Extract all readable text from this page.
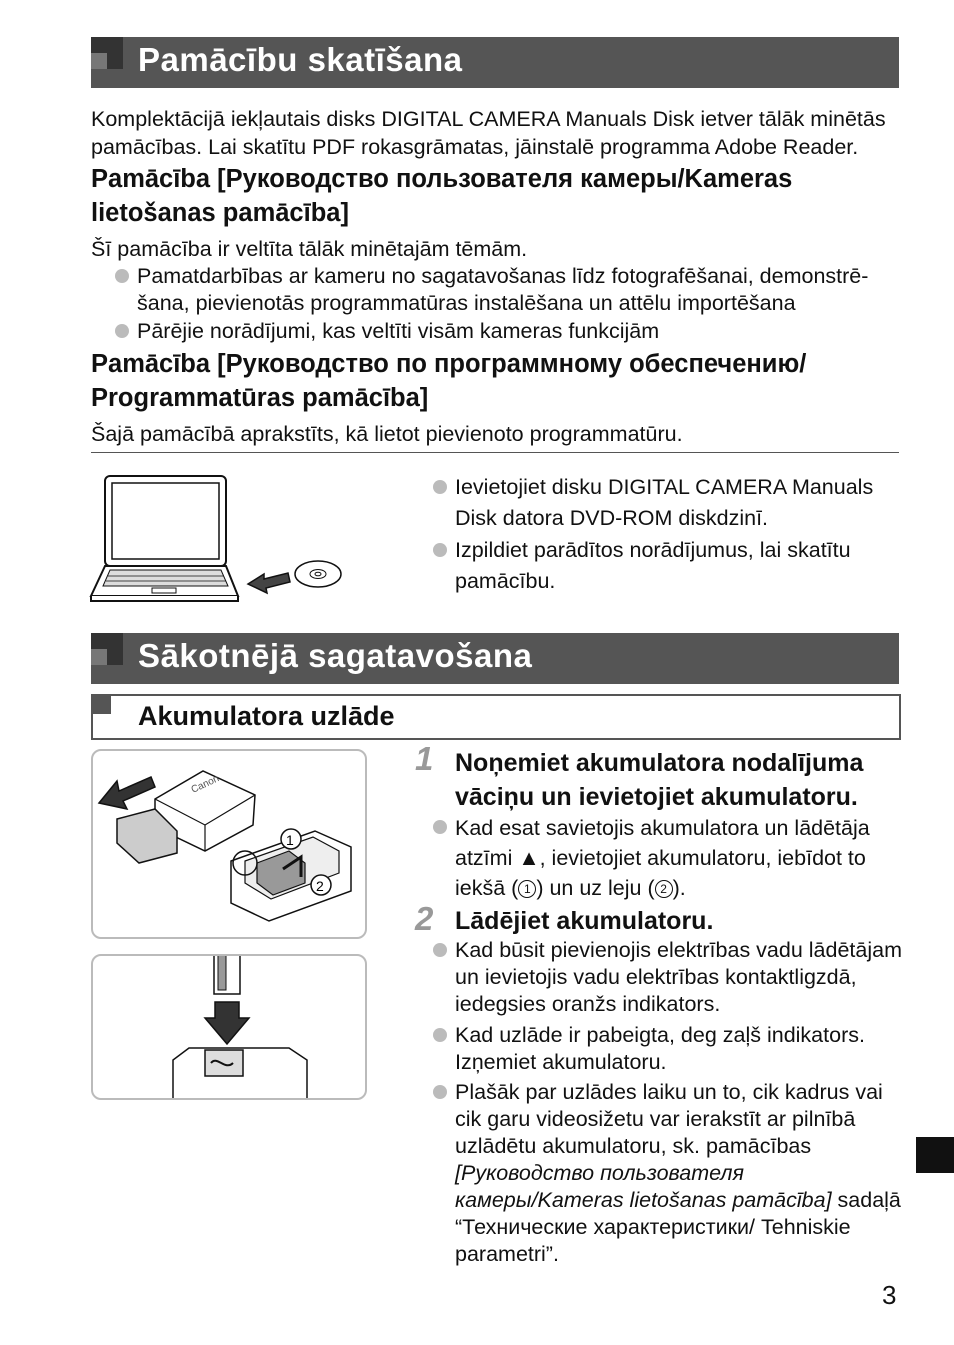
Pamācību skatīšana
Komplektācijā iekļautais disks DIGITAL CAMERA Manuals Disk ietver tālāk minētās pamācības. Lai skatītu PDF rokasgrāmatas, jāinstalē programma Adobe Reader.
Pamācība [Руководство пользователя камеры/Kameras lietošanas pamācība]
Šī pamācība ir veltīta tālāk minētajām tēmām.
Pamatdarbības ar kameru no sagatavošanas līdz fotografēšanai, demonstrē-šana, pievienotās programmatūras instalēšana un attēlu importēšana
Pārējie norādījumi, kas veltīti visām kameras funkcijām
Pamācība [Руководство по программному обеспечению/ Programmatūras pamācība]
Šajā pamācībā aprakstīts, kā lietot pievienoto programmatūru.
Ievietojiet disku DIGITAL CAMERA Manuals Disk datora DVD-ROM diskdzinī.
Izpildiet parādītos norādījumus, lai skatītu pamācību.
Sākotnējā sagatavošana
Akumulatora uzlāde
Canon
1
2
1 Noņemiet akumulatora nodalījuma vāciņu un ievietojiet akumulatoru.
Kad esat savietojis akumulatora un lādētāja atzīmi ▲, ievietojiet akumulatoru, iebīdot to iekšā ( 1 ) un uz leju ( 2 ).
2 Lādējiet akumulatoru.
Kad būsit pievienojis elektrības vadu lādētājam un ievietojis vadu elektrības kontaktligzdā, iedegsies oranžs indikators.
Kad uzlāde ir pabeigta, deg zaļš indikators. Izņemiet akumulatoru.
Plašāk par uzlādes laiku un to, cik kadrus vai cik garu videosižetu var ierakstīt ar pilnībā uzlādētu akumulatoru, sk. pamācības [Руководство пользователя камеры/Kameras lietošanas pamācība] sadaļā “Технические характеристики/ Tehniskie parametri”.
3
